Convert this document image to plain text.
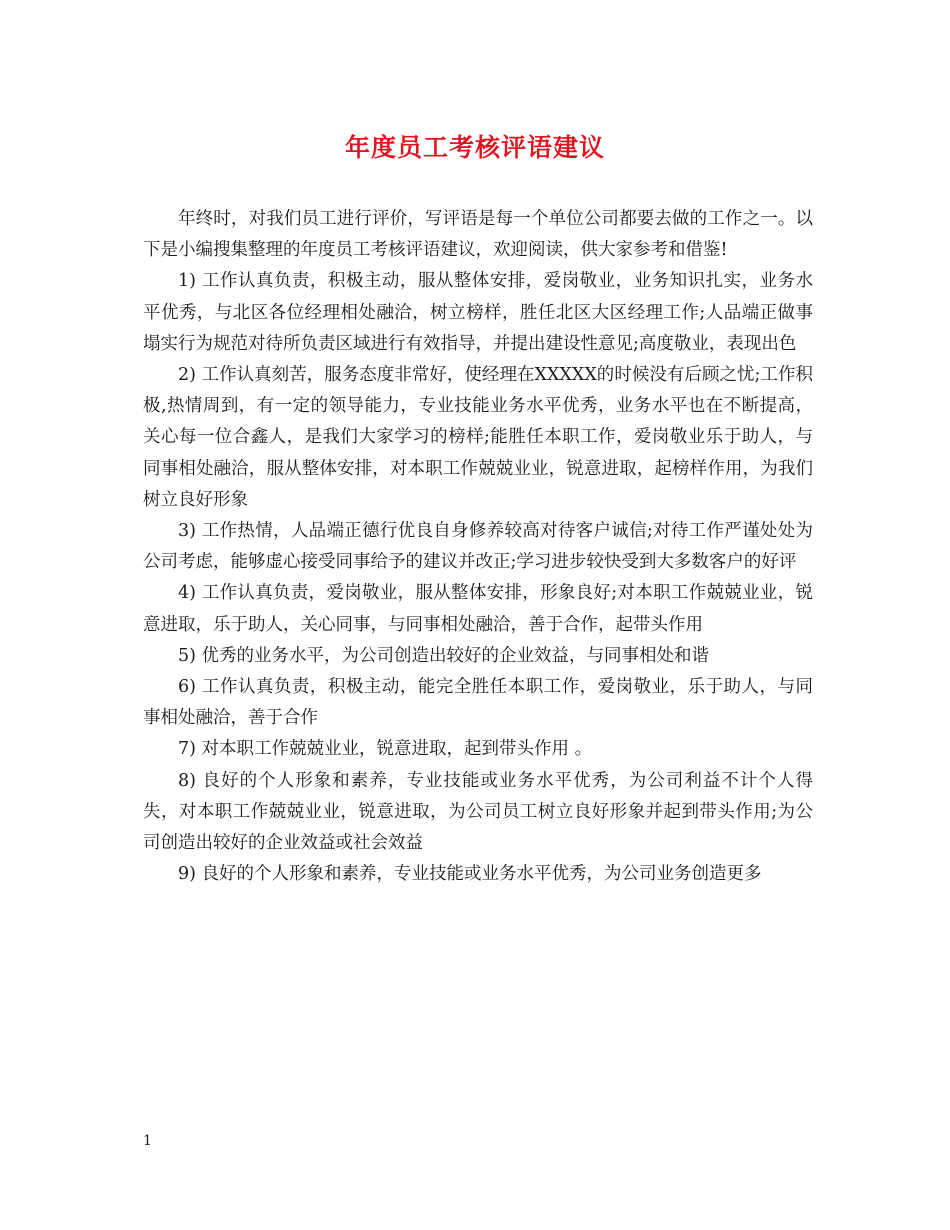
年度员工考核评语建议

年终时，对我们员工进行评价，写评语是每一个单位公司都要去做的工作之一。以下是小编搜集整理的年度员工考核评语建议，欢迎阅读，供大家参考和借鉴!

1) 工作认真负责，积极主动，服从整体安排，爱岗敬业，业务知识扎实，业务水平优秀，与北区各位经理相处融洽，树立榜样，胜任北区大区经理工作;人品端正做事塌实行为规范对待所负责区域进行有效指导，并提出建设性意见;高度敬业，表现出色

2) 工作认真刻苦，服务态度非常好，使经理在XXXXX的时候没有后顾之忧;工作积极,热情周到，有一定的领导能力，专业技能业务水平优秀，业务水平也在不断提高，关心每一位合鑫人，是我们大家学习的榜样;能胜任本职工作，爱岗敬业乐于助人，与同事相处融洽，服从整体安排，对本职工作兢兢业业，锐意进取，起榜样作用，为我们树立良好形象

3) 工作热情，人品端正德行优良自身修养较高对待客户诚信;对待工作严谨处处为公司考虑，能够虚心接受同事给予的建议并改正;学习进步较快受到大多数客户的好评

4) 工作认真负责，爱岗敬业，服从整体安排，形象良好;对本职工作兢兢业业，锐意进取，乐于助人，关心同事，与同事相处融洽，善于合作，起带头作用

5) 优秀的业务水平，为公司创造出较好的企业效益，与同事相处和谐

6) 工作认真负责，积极主动，能完全胜任本职工作，爱岗敬业，乐于助人，与同事相处融洽，善于合作

7) 对本职工作兢兢业业，锐意进取，起到带头作用 。

8) 良好的个人形象和素养，专业技能或业务水平优秀，为公司利益不计个人得失，对本职工作兢兢业业，锐意进取，为公司员工树立良好形象并起到带头作用;为公司创造出较好的企业效益或社会效益

9) 良好的个人形象和素养，专业技能或业务水平优秀，为公司业务创造更多

1
